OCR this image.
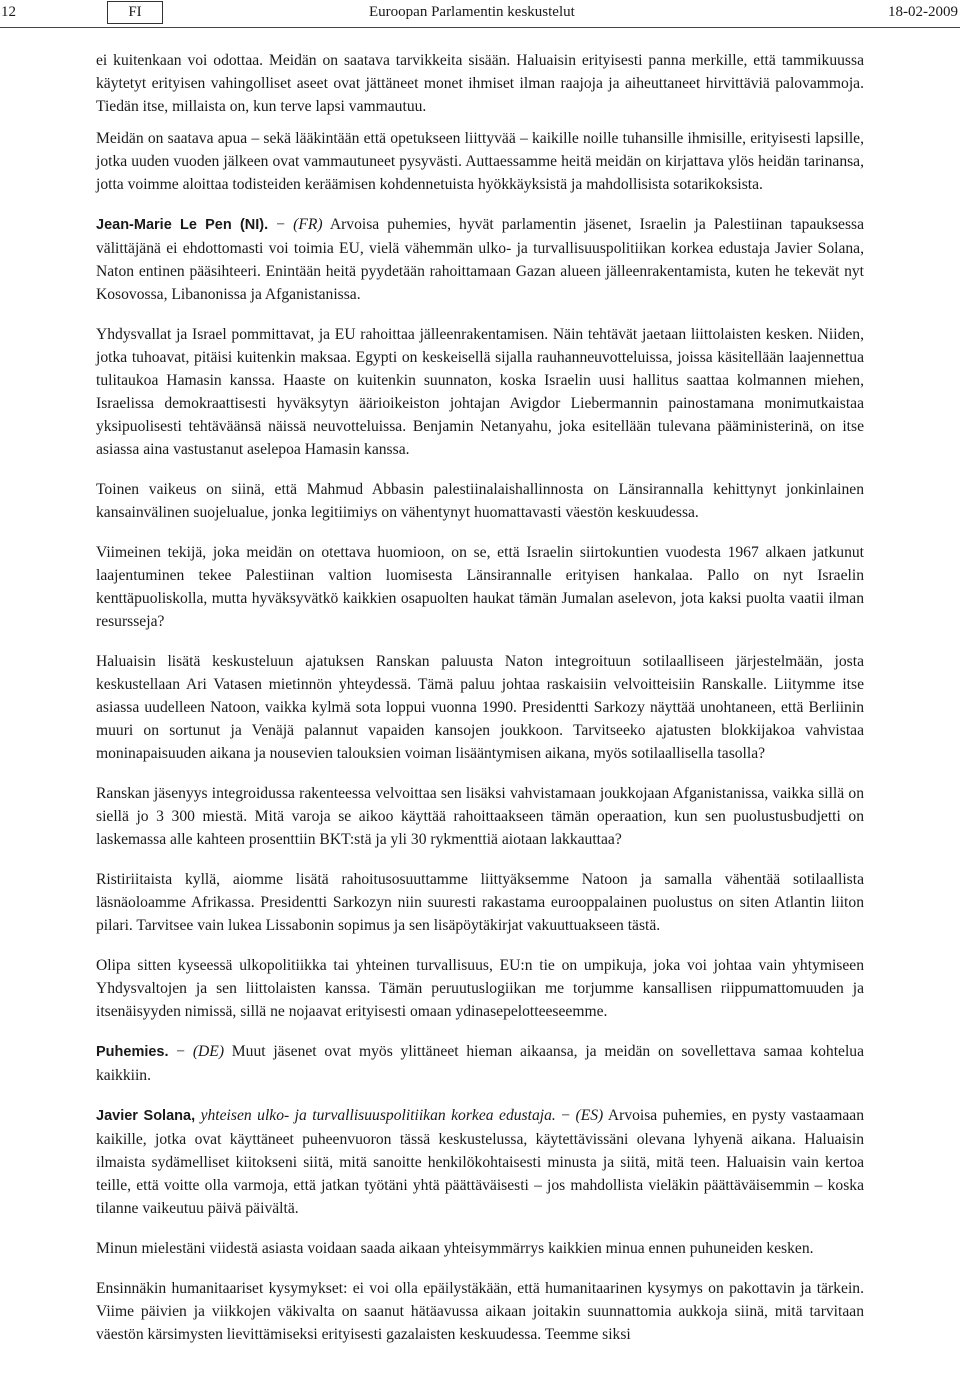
12	FI	Euroopan Parlamentin keskustelut	18-02-2009

ei kuitenkaan voi odottaa. Meidän on saatava tarvikkeita sisään. Haluaisin erityisesti panna merkille, että tammikuussa käytetyt erityisen vahingolliset aseet ovat jättäneet monet ihmiset ilman raajoja ja aiheuttaneet hirvittäviä palovammoja. Tiedän itse, millaista on, kun terve lapsi vammautuu.

Meidän on saatava apua – sekä lääkintään että opetukseen liittyvää – kaikille noille tuhansille ihmisille, erityisesti lapsille, jotka uuden vuoden jälkeen ovat vammautuneet pysyvästi. Auttaessamme heitä meidän on kirjattava ylös heidän tarinansa, jotta voimme aloittaa todisteiden keräämisen kohdennetuista hyökkäyksistä ja mahdollisista sotarikoksista.

Jean-Marie Le Pen (NI). − (FR) Arvoisa puhemies, hyvät parlamentin jäsenet, Israelin ja Palestiinan tapauksessa välittäjänä ei ehdottomasti voi toimia EU, vielä vähemmän ulko- ja turvallisuuspolitiikan korkea edustaja Javier Solana, Naton entinen pääsihteeri. Enintään heitä pyydetään rahoittamaan Gazan alueen jälleenrakentamista, kuten he tekevät nyt Kosovossa, Libanonissa ja Afganistanissa.

Yhdysvallat ja Israel pommittavat, ja EU rahoittaa jälleenrakentamisen. Näin tehtävät jaetaan liittolaisten kesken. Niiden, jotka tuhoavat, pitäisi kuitenkin maksaa. Egypti on keskeisellä sijalla rauhanneuvotteluissa, joissa käsitellään laajennettua tulitaukoa Hamasin kanssa. Haaste on kuitenkin suunnaton, koska Israelin uusi hallitus saattaa kolmannen miehen, Israelissa demokraattisesti hyväksytyn äärioikeiston johtajan Avigdor Liebermannin painostamana monimutkaistaa yksipuolisesti tehtäväänsä näissä neuvotteluissa. Benjamin Netanyahu, joka esitellään tulevana pääministerinä, on itse asiassa aina vastustanut aselepoa Hamasin kanssa.

Toinen vaikeus on siinä, että Mahmud Abbasin palestiinalaishallinnosta on Länsirannalla kehittynyt jonkinlainen kansainvälinen suojelualue, jonka legitiimiys on vähentynyt huomattavasti väestön keskuudessa.

Viimeinen tekijä, joka meidän on otettava huomioon, on se, että Israelin siirtokuntien vuodesta 1967 alkaen jatkunut laajentuminen tekee Palestiinan valtion luomisesta Länsirannalle erityisen hankalaa. Pallo on nyt Israelin kenttäpuoliskolla, mutta hyväksyvätkö kaikkien osapuolten haukat tämän Jumalan aselevon, jota kaksi puolta vaatii ilman resursseja?

Haluaisin lisätä keskusteluun ajatuksen Ranskan paluusta Naton integroituun sotilaalliseen järjestelmään, josta keskustellaan Ari Vatasen mietinnön yhteydessä. Tämä paluu johtaa raskaisiin velvoitteisiin Ranskalle. Liitymme itse asiassa uudelleen Natoon, vaikka kylmä sota loppui vuonna 1990. Presidentti Sarkozy näyttää unohtaneen, että Berliinin muuri on sortunut ja Venäjä palannut vapaiden kansojen joukkoon. Tarvitseeko ajatusten blokkijakoa vahvistaa moninapaisuuden aikana ja nousevien talouksien voiman lisääntymisen aikana, myös sotilaallisella tasolla?

Ranskan jäsenyys integroidussa rakenteessa velvoittaa sen lisäksi vahvistamaan joukkojaan Afganistanissa, vaikka sillä on siellä jo 3 300 miestä. Mitä varoja se aikoo käyttää rahoittaakseen tämän operaation, kun sen puolustusbudjetti on laskemassa alle kahteen prosenttiin BKT:stä ja yli 30 rykmenttiä aiotaan lakkauttaa?

Ristiriitaista kyllä, aiomme lisätä rahoitusosuuttamme liittyäksemme Natoon ja samalla vähentää sotilaallista läsnäoloamme Afrikassa. Presidentti Sarkozyn niin suuresti rakastama eurooppalainen puolustus on siten Atlantin liiton pilari. Tarvitsee vain lukea Lissabonin sopimus ja sen lisäpöytäkirjat vakuuttuakseen tästä.

Olipa sitten kyseessä ulkopolitiikka tai yhteinen turvallisuus, EU:n tie on umpikuja, joka voi johtaa vain yhtymiseen Yhdysvaltojen ja sen liittolaisten kanssa. Tämän peruutuslogiikan me torjumme kansallisen riippumattomuuden ja itsenäisyyden nimissä, sillä ne nojaavat erityisesti omaan ydinasepelotteeseemme.

Puhemies. − (DE) Muut jäsenet ovat myös ylittäneet hieman aikaansa, ja meidän on sovellettava samaa kohtelua kaikkiin.

Javier Solana, yhteisen ulko- ja turvallisuuspolitiikan korkea edustaja. − (ES) Arvoisa puhemies, en pysty vastaamaan kaikille, jotka ovat käyttäneet puheenvuoron tässä keskustelussa, käytettävissäni olevana lyhyenä aikana. Haluaisin ilmaista sydämelliset kiitokseni siitä, mitä sanoitte henkilökohtaisesti minusta ja siitä, mitä teen. Haluaisin vain kertoa teille, että voitte olla varmoja, että jatkan työtäni yhtä päättäväisesti – jos mahdollista vieläkin päättäväisemmin – koska tilanne vaikeutuu päivä päivältä.

Minun mielestäni viidestä asiasta voidaan saada aikaan yhteisymmärrys kaikkien minua ennen puhuneiden kesken.

Ensinnäkin humanitaariset kysymykset: ei voi olla epäilystäkään, että humanitaarinen kysymys on pakottavin ja tärkein. Viime päivien ja viikkojen väkivalta on saanut hätäavussa aikaan joitakin suunnattomia aukkoja siinä, mitä tarvitaan väestön kärsimysten lievittämiseksi erityisesti gazalaisten keskuudessa. Teemme siksi
